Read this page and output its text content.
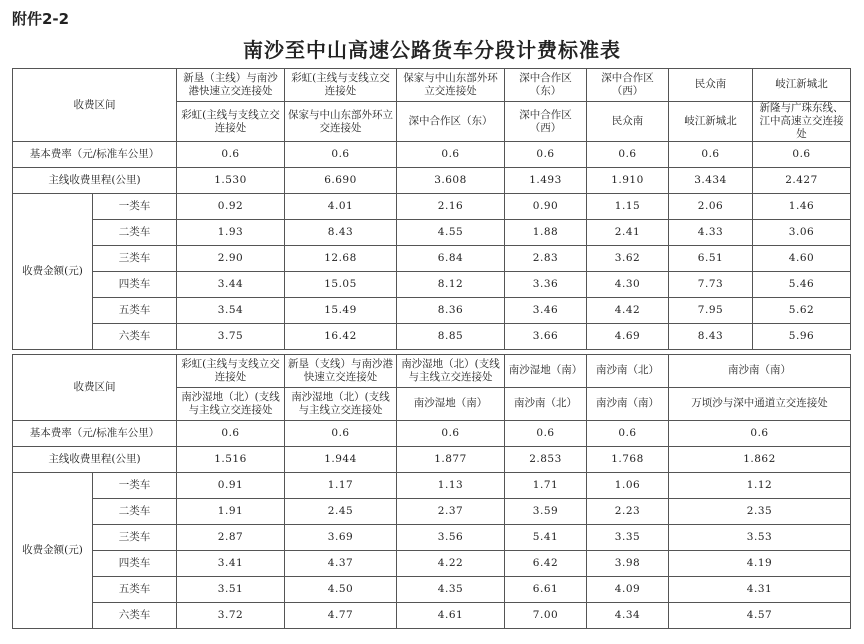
附件2-2
南沙至中山高速公路货车分段计费标准表
收费区间		新垦（主线）与南沙港快速立交连接处	彩虹(主线与支线立交连接处	保家与中山东部外环立交连接处	深中合作区（东）	深中合作区（西）	民众南	岐江新城北
		彩虹(主线与支线立交连接处	保家与中山东部外环立交连接处	深中合作区（东）	深中合作区（西）	民众南	岐江新城北	新隆与广珠东线、江中高速立交连接处
基本费率（元/标准车公里）		0.6	0.6	0.6	0.6	0.6	0.6	0.6
主线收费里程(公里)		1.530	6.690	3.608	1.493	1.910	3.434	2.427
收费金额(元)	一类车	0.92	4.01	2.16	0.90	1.15	2.06	1.46
	二类车	1.93	8.43	4.55	1.88	2.41	4.33	3.06
	三类车	2.90	12.68	6.84	2.83	3.62	6.51	4.60
	四类车	3.44	15.05	8.12	3.36	4.30	7.73	5.46
	五类车	3.54	15.49	8.36	3.46	4.42	7.95	5.62
	六类车	3.75	16.42	8.85	3.66	4.69	8.43	5.96
收费区间		彩虹(主线与支线立交连接处	新垦（支线）与南沙港快速立交连接处	南沙湿地（北）(支线与主线立交连接处	南沙湿地（南）	南沙南（北）	南沙南（南）
		南沙湿地（北）(支线与主线立交连接处	南沙湿地（北）(支线与主线立交连接处	南沙湿地（南）	南沙南（北）	南沙南（南）	万顷沙与深中通道立交连接处
基本费率（元/标准车公里）		0.6	0.6	0.6	0.6	0.6	0.6
主线收费里程(公里)		1.516	1.944	1.877	2.853	1.768	1.862
收费金额(元)	一类车	0.91	1.17	1.13	1.71	1.06	1.12
	二类车	1.91	2.45	2.37	3.59	2.23	2.35
	三类车	2.87	3.69	3.56	5.41	3.35	3.53
	四类车	3.41	4.37	4.22	6.42	3.98	4.19
	五类车	3.51	4.50	4.35	6.61	4.09	4.31
	六类车	3.72	4.77	4.61	7.00	4.34	4.57
